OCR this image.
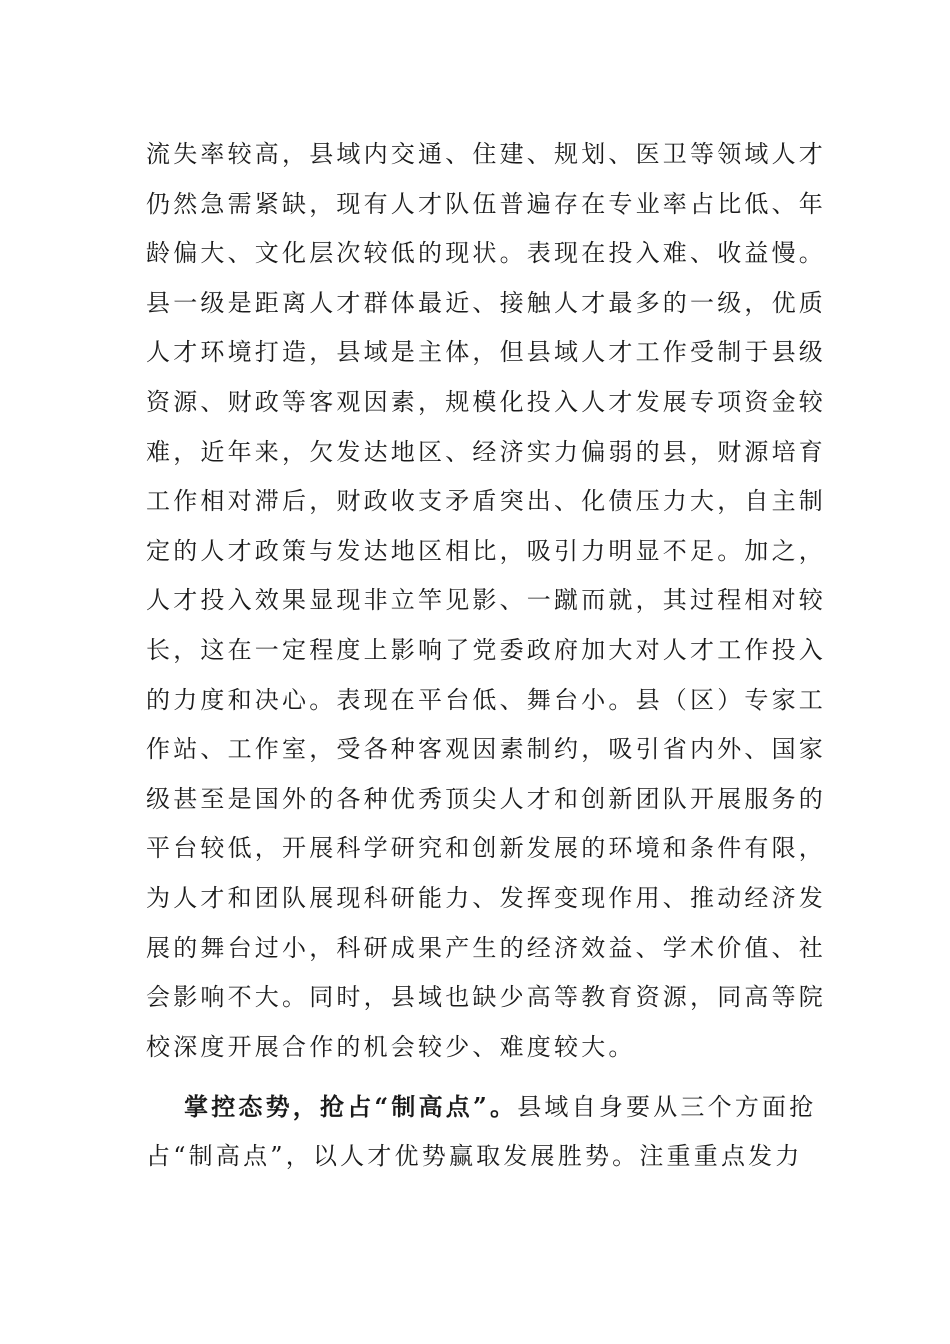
流失率较高，县域内交通、住建、规划、医卫等领域人才
仍然急需紧缺，现有人才队伍普遍存在专业率占比低、年
龄偏大、文化层次较低的现状。表现在投入难、收益慢。
县一级是距离人才群体最近、接触人才最多的一级，优质
人才环境打造，县域是主体，但县域人才工作受制于县级
资源、财政等客观因素，规模化投入人才发展专项资金较
难，近年来，欠发达地区、经济实力偏弱的县，财源培育
工作相对滞后，财政收支矛盾突出、化债压力大，自主制
定的人才政策与发达地区相比，吸引力明显不足。加之，
人才投入效果显现非立竿见影、一蹴而就，其过程相对较
长，这在一定程度上影响了党委政府加大对人才工作投入
的力度和决心。表现在平台低、舞台小。县（区）专家工
作站、工作室，受各种客观因素制约，吸引省内外、国家
级甚至是国外的各种优秀顶尖人才和创新团队开展服务的
平台较低，开展科学研究和创新发展的环境和条件有限，
为人才和团队展现科研能力、发挥变现作用、推动经济发
展的舞台过小，科研成果产生的经济效益、学术价值、社
会影响不大。同时，县域也缺少高等教育资源，同高等院
校深度开展合作的机会较少、难度较大。
掌控态势，抢占“制高点”。县域自身要从三个方面抢
占“制高点”，以人才优势赢取发展胜势。注重重点发力
